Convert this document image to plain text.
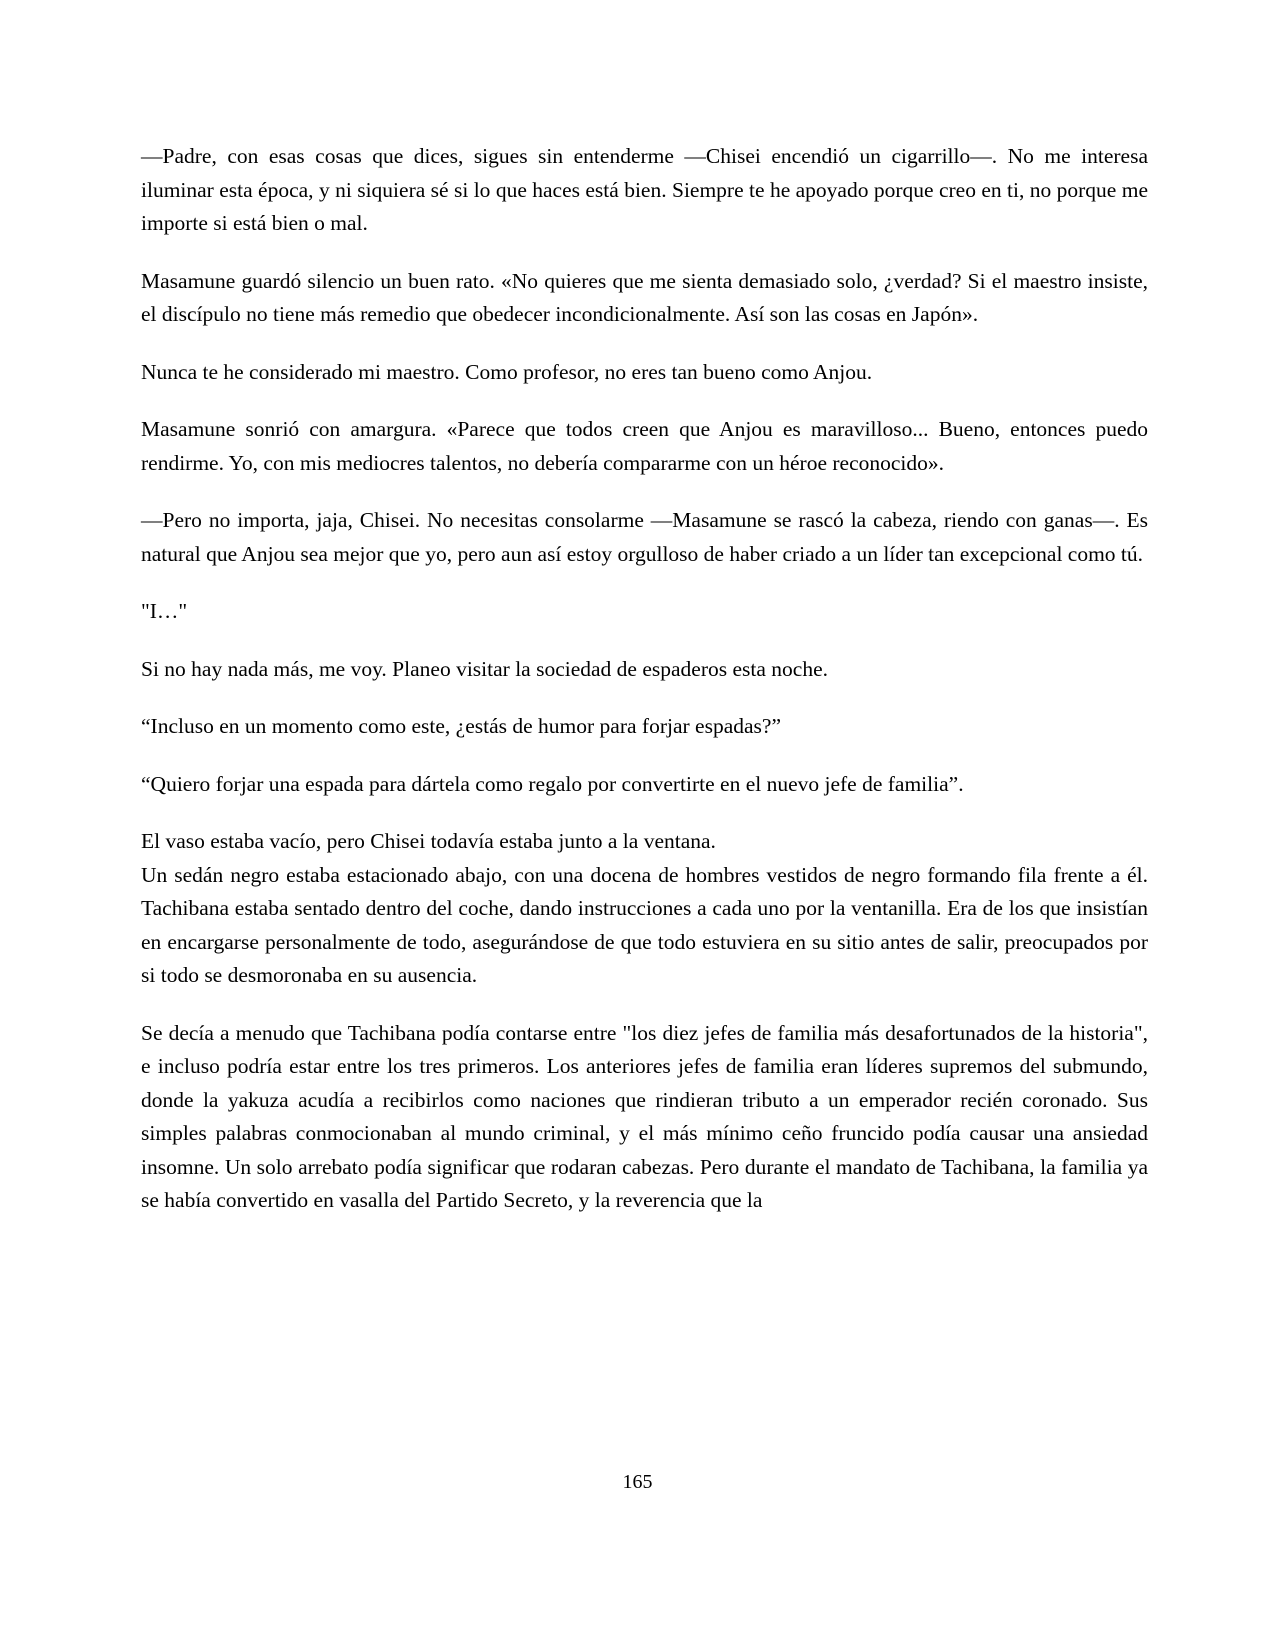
—Padre, con esas cosas que dices, sigues sin entenderme —Chisei encendió un cigarrillo—. No me interesa iluminar esta época, y ni siquiera sé si lo que haces está bien. Siempre te he apoyado porque creo en ti, no porque me importe si está bien o mal.

Masamune guardó silencio un buen rato. «No quieres que me sienta demasiado solo, ¿verdad? Si el maestro insiste, el discípulo no tiene más remedio que obedecer incondicionalmente. Así son las cosas en Japón».

Nunca te he considerado mi maestro. Como profesor, no eres tan bueno como Anjou.

Masamune sonrió con amargura. «Parece que todos creen que Anjou es maravilloso... Bueno, entonces puedo rendirme. Yo, con mis mediocres talentos, no debería compararme con un héroe reconocido».

—Pero no importa, jaja, Chisei. No necesitas consolarme —Masamune se rascó la cabeza, riendo con ganas—. Es natural que Anjou sea mejor que yo, pero aun así estoy orgulloso de haber criado a un líder tan excepcional como tú.

"I…"

Si no hay nada más, me voy. Planeo visitar la sociedad de espaderos esta noche.

“Incluso en un momento como este, ¿estás de humor para forjar espadas?”

“Quiero forjar una espada para dártela como regalo por convertirte en el nuevo jefe de familia”.

El vaso estaba vacío, pero Chisei todavía estaba junto a la ventana.
Un sedán negro estaba estacionado abajo, con una docena de hombres vestidos de negro formando fila frente a él. Tachibana estaba sentado dentro del coche, dando instrucciones a cada uno por la ventanilla. Era de los que insistían en encargarse personalmente de todo, asegurándose de que todo estuviera en su sitio antes de salir, preocupados por si todo se desmoronaba en su ausencia.

Se decía a menudo que Tachibana podía contarse entre "los diez jefes de familia más desafortunados de la historia", e incluso podría estar entre los tres primeros. Los anteriores jefes de familia eran líderes supremos del submundo, donde la yakuza acudía a recibirlos como naciones que rindieran tributo a un emperador recién coronado. Sus simples palabras conmocionaban al mundo criminal, y el más mínimo ceño fruncido podía causar una ansiedad insomne. Un solo arrebato podía significar que rodaran cabezas. Pero durante el mandato de Tachibana, la familia ya se había convertido en vasalla del Partido Secreto, y la reverencia que la

165
